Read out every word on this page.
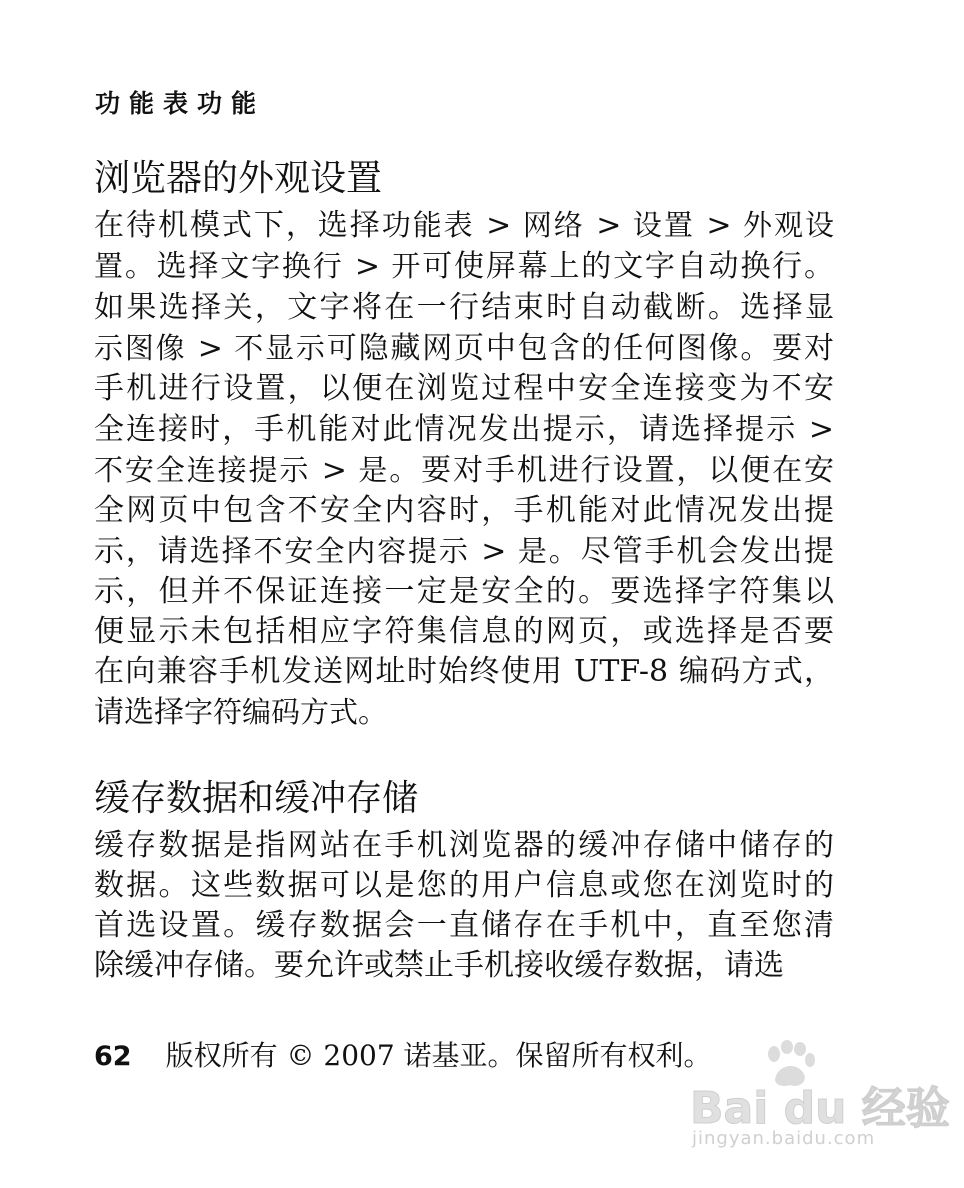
功能表功能
浏览器的外观设置
在待机模式下，选择功能表 > 网络 > 设置 > 外观设
置。选择文字换行 > 开可使屏幕上的文字自动换行。
如果选择关，文字将在一行结束时自动截断。选择显
示图像 > 不显示可隐藏网页中包含的任何图像。要对
手机进行设置，以便在浏览过程中安全连接变为不安
全连接时，手机能对此情况发出提示，请选择提示 >
不安全连接提示 > 是。要对手机进行设置，以便在安
全网页中包含不安全内容时，手机能对此情况发出提
示，请选择不安全内容提示 > 是。尽管手机会发出提
示，但并不保证连接一定是安全的。要选择字符集以
便显示未包括相应字符集信息的网页，或选择是否要
在向兼容手机发送网址时始终使用 UTF-8 编码方式，
请选择字符编码方式。
缓存数据和缓冲存储
缓存数据是指网站在手机浏览器的缓冲存储中储存的
数据。这些数据可以是您的用户信息或您在浏览时的
首选设置。缓存数据会一直储存在手机中，直至您清
除缓冲存储。要允许或禁止手机接收缓存数据，请选
62 版权所有 © 2007 诺基亚。保留所有权利。
Bai du 经验
jingyan.baidu.com
